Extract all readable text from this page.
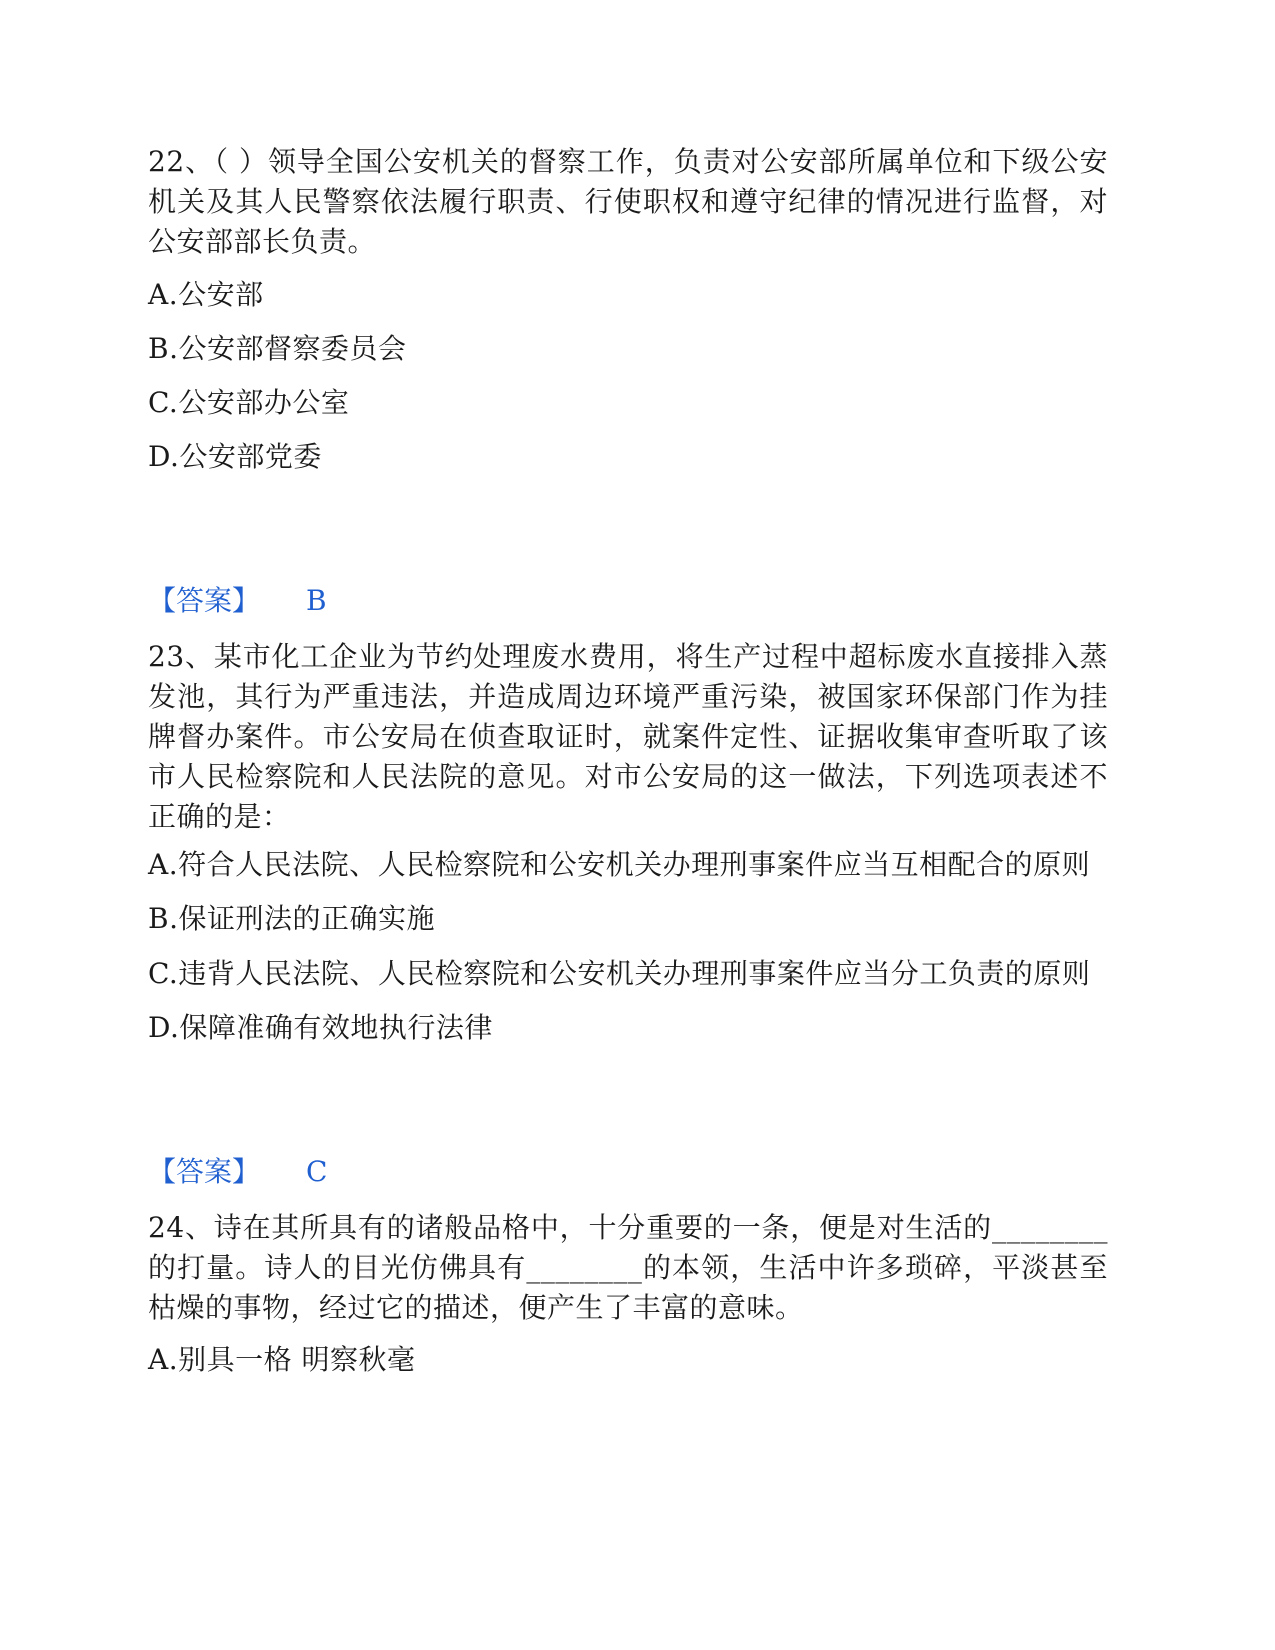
22、（ ）领导全国公安机关的督察工作，负责对公安部所属单位和下级公安机关及其人民警察依法履行职责、行使职权和遵守纪律的情况进行监督，对公安部部长负责。
A.公安部
B.公安部督察委员会
C.公安部办公室
D.公安部党委
【答案】 B
23、某市化工企业为节约处理废水费用，将生产过程中超标废水直接排入蒸发池，其行为严重违法，并造成周边环境严重污染，被国家环保部门作为挂牌督办案件。市公安局在侦查取证时，就案件定性、证据收集审查听取了该市人民检察院和人民法院的意见。对市公安局的这一做法，下列选项表述不正确的是：
A.符合人民法院、人民检察院和公安机关办理刑事案件应当互相配合的原则
B.保证刑法的正确实施
C.违背人民法院、人民检察院和公安机关办理刑事案件应当分工负责的原则
D.保障准确有效地执行法律
【答案】 C
24、诗在其所具有的诸般品格中，十分重要的一条，便是对生活的________的打量。诗人的目光仿佛具有________的本领，生活中许多琐碎，平淡甚至枯燥的事物，经过它的描述，便产生了丰富的意味。
A.别具一格 明察秋毫
